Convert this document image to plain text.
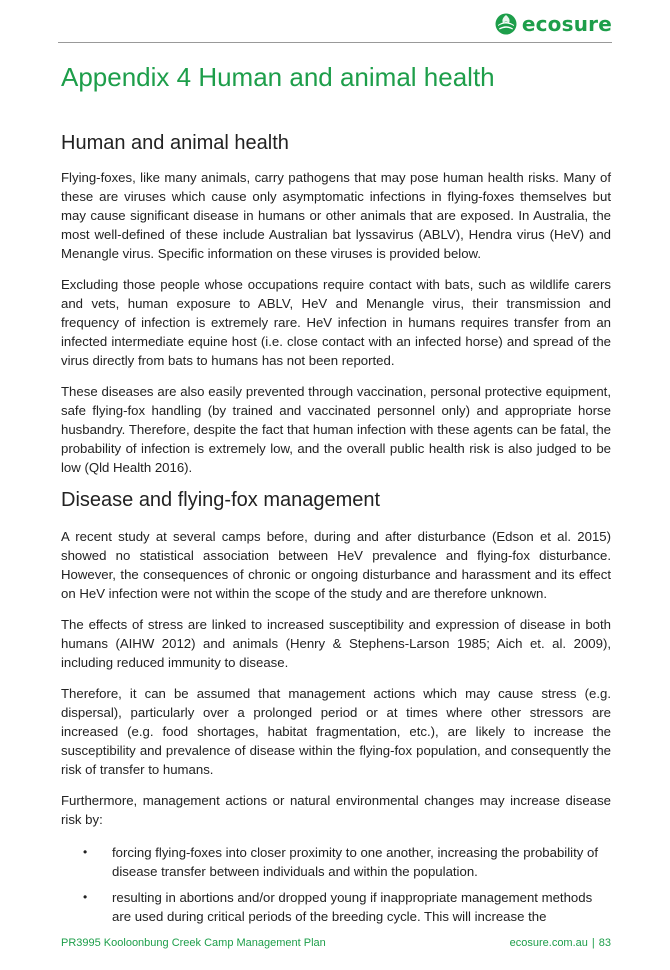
ecosure
Appendix 4 Human and animal health
Human and animal health

Flying-foxes, like many animals, carry pathogens that may pose human health risks. Many of these are viruses which cause only asymptomatic infections in flying-foxes themselves but may cause significant disease in humans or other animals that are exposed. In Australia, the most well-defined of these include Australian bat lyssavirus (ABLV), Hendra virus (HeV) and Menangle virus. Specific information on these viruses is provided below.

Excluding those people whose occupations require contact with bats, such as wildlife carers and vets, human exposure to ABLV, HeV and Menangle virus, their transmission and frequency of infection is extremely rare. HeV infection in humans requires transfer from an infected intermediate equine host (i.e. close contact with an infected horse) and spread of the virus directly from bats to humans has not been reported.

These diseases are also easily prevented through vaccination, personal protective equipment, safe flying-fox handling (by trained and vaccinated personnel only) and appropriate horse husbandry. Therefore, despite the fact that human infection with these agents can be fatal, the probability of infection is extremely low, and the overall public health risk is also judged to be low (Qld Health 2016).

Disease and flying-fox management

A recent study at several camps before, during and after disturbance (Edson et al. 2015) showed no statistical association between HeV prevalence and flying-fox disturbance. However, the consequences of chronic or ongoing disturbance and harassment and its effect on HeV infection were not within the scope of the study and are therefore unknown.

The effects of stress are linked to increased susceptibility and expression of disease in both humans (AIHW 2012) and animals (Henry & Stephens-Larson 1985; Aich et. al. 2009), including reduced immunity to disease.

Therefore, it can be assumed that management actions which may cause stress (e.g. dispersal), particularly over a prolonged period or at times where other stressors are increased (e.g. food shortages, habitat fragmentation, etc.), are likely to increase the susceptibility and prevalence of disease within the flying-fox population, and consequently the risk of transfer to humans.

Furthermore, management actions or natural environmental changes may increase disease risk by:

• forcing flying-foxes into closer proximity to one another, increasing the probability of disease transfer between individuals and within the population.
• resulting in abortions and/or dropped young if inappropriate management methods are used during critical periods of the breeding cycle. This will increase the
PR3995 Kooloonbung Creek Camp Management Plan	ecosure.com.au | 83
